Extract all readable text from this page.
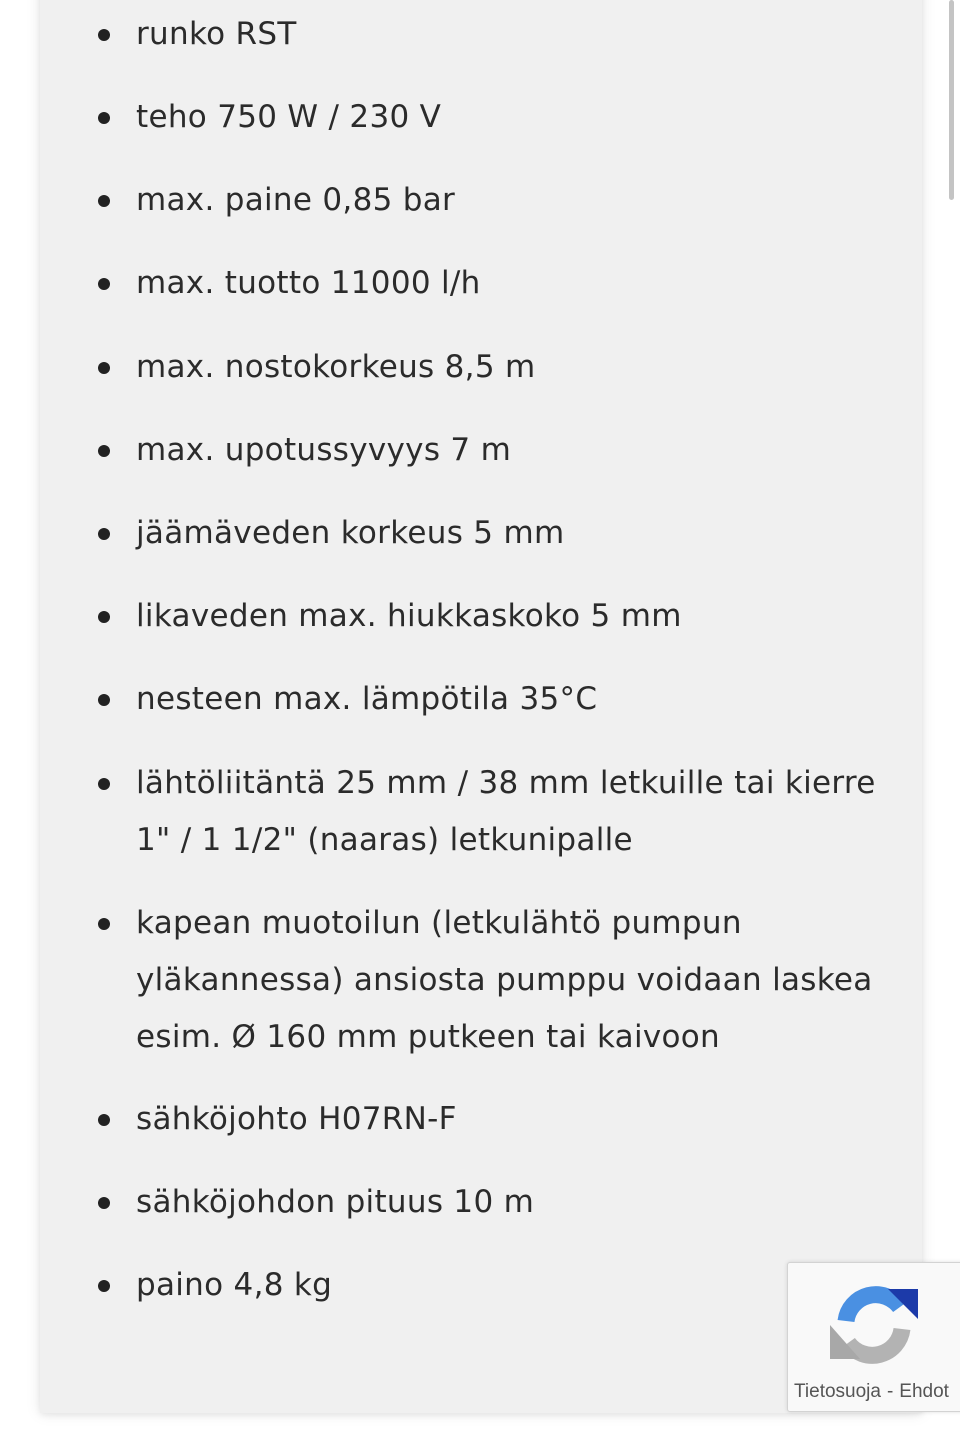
runko RST
teho 750 W / 230 V
max. paine 0,85 bar
max. tuotto 11000 l/h
max. nostokorkeus 8,5 m
max. upotussyvyys 7 m
jäämäveden korkeus 5 mm
likaveden max. hiukkaskoko 5 mm
nesteen max. lämpötila 35°C
lähtöliitäntä 25 mm / 38 mm letkuille tai kierre 1" / 1 1/2" (naaras) letkunipalle
kapean muotoilun (letkulähtö pumpun yläkannessa) ansiosta pumppu voidaan laskea esim. Ø 160 mm putkeen tai kaivoon
sähköjohto H07RN-F
sähköjohdon pituus 10 m
paino 4,8 kg
Tietosuoja - Ehdot
